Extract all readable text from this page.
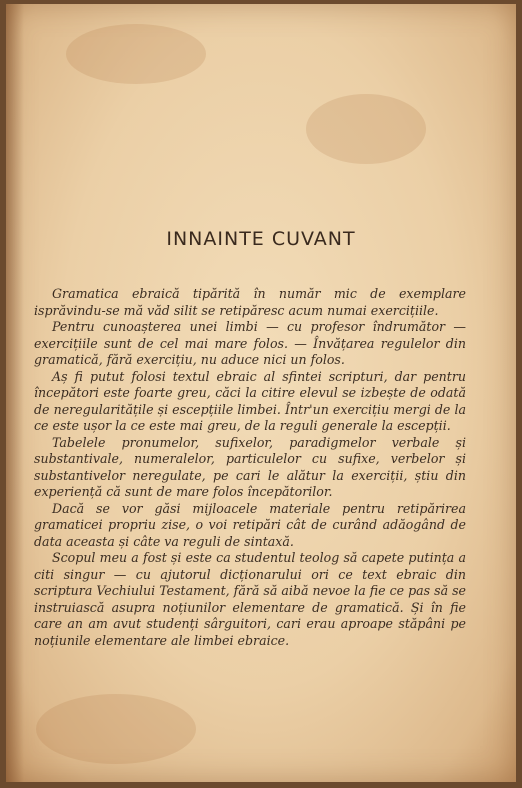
INNAINTE CUVANT

Gramatica ebraică tipărită în număr mic de exemplare isprăvindu-se mă văd silit se retipăresc acum numai exercițiile.

Pentru cunoașterea unei limbi — cu profesor îndrumător — exercițiile sunt de cel mai mare folos. — Învățarea regulelor din gramatică, fără exercițiu, nu aduce nici un folos.

Aș fi putut folosi textul ebraic al sfintei scripturi, dar pentru începători este foarte greu, căci la citire elevul se izbește de odată de neregularitățile și escepțiile limbei. Într'un exercițiu mergi de la ce este ușor la ce este mai greu, de la reguli generale la escepții.

Tabelele pronumelor, sufixelor, paradigmelor verbale și substantivale, numeralelor, particulelor cu sufixe, verbelor și substantivelor neregulate, pe cari le alătur la exerciții, știu din experiență că sunt de mare folos începătorilor.

Dacă se vor găsi mijloacele materiale pentru retipărirea gramaticei propriu zise, o voi retipări cât de curând adăogând de data aceasta și câte va reguli de sintaxă.

Scopul meu a fost și este ca studentul teolog să capete putința a citi singur — cu ajutorul dicționarului ori ce text ebraic din scriptura Vechiului Testament, fără să aibă nevoe la fie ce pas să se instruiască asupra noțiunilor elementare de gramatică. Și în fie care an am avut studenți sârguitori, cari erau aproape stăpâni pe noțiunile elementare ale limbei ebraice.
